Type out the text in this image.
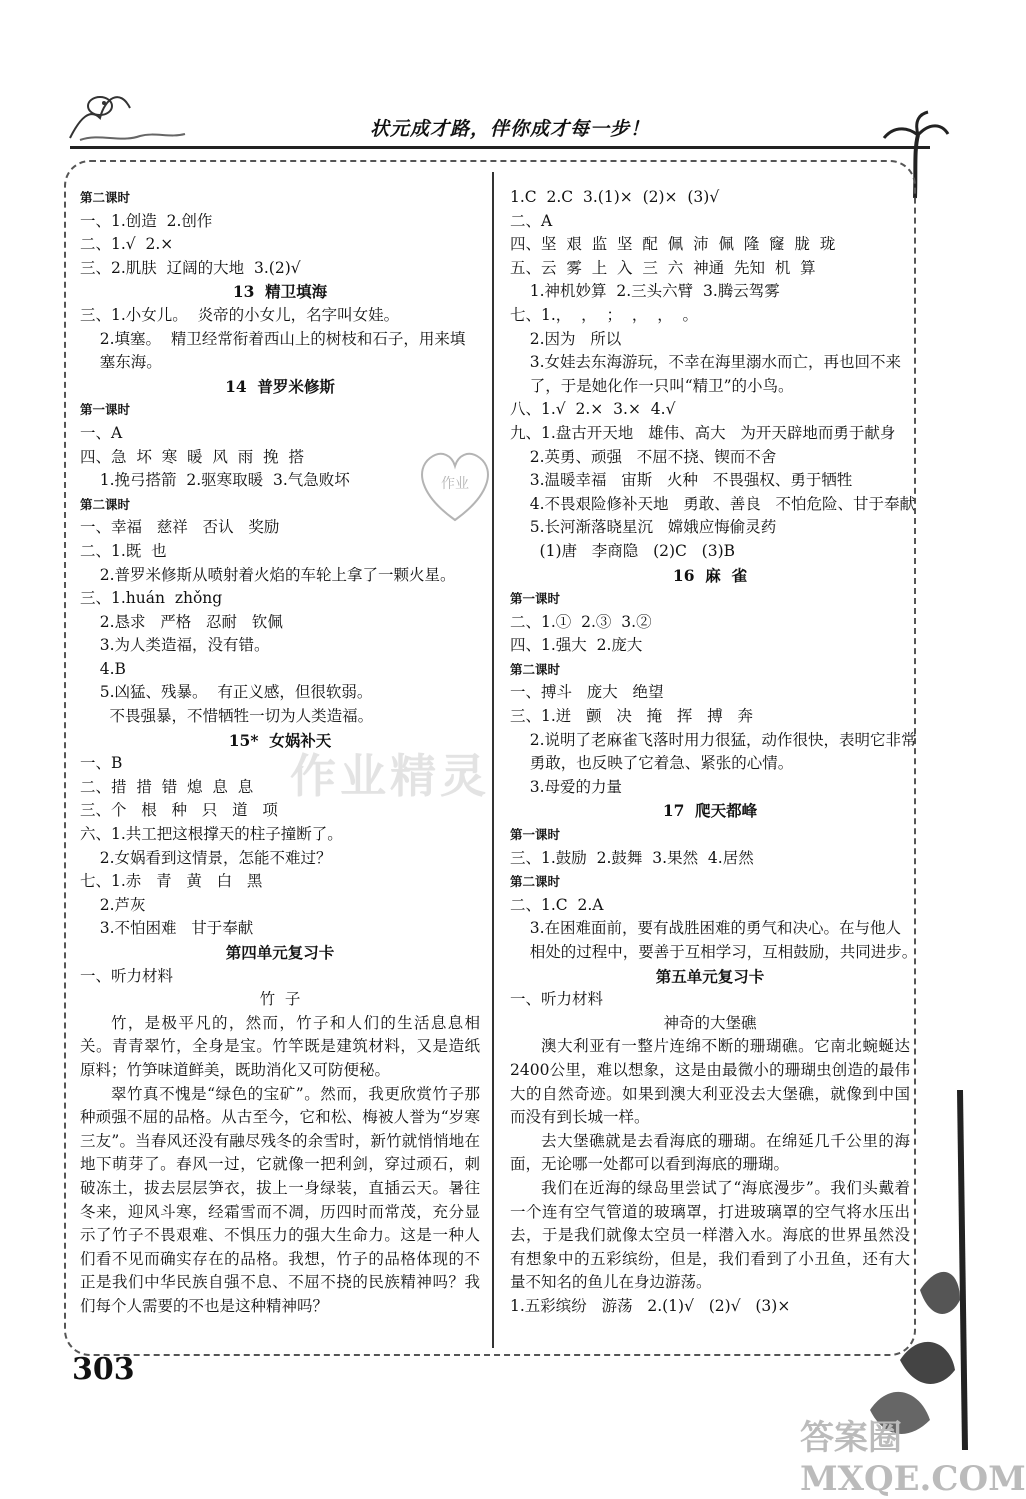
状元成才路，伴你成才每一步！
第二课时
一、1.创造  2.创作
二、1.√  2.×
三、2.肌肤  辽阔的大地  3.(2)√
13  精卫填海
三、1.小女儿。  炎帝的小女儿，名字叫女娃。
2.填塞。  精卫经常衔着西山上的树枝和石子，用来填
塞东海。
14  普罗米修斯
第一课时
一、A
四、急  坏  寒  暖  风  雨  挽  搭
1.挽弓搭箭  2.驱寒取暖  3.气急败坏
第二课时
一、幸福   慈祥   否认   奖励
二、1.既  也
2.普罗米修斯从喷射着火焰的车轮上拿了一颗火星。
三、1.huán  zhǒng
2.恳求   严格   忍耐   钦佩
3.为人类造福，没有错。
4.B
5.凶猛、残暴。  有正义感，但很软弱。
不畏强暴，不惜牺牲一切为人类造福。
15*  女娲补天
一、B
二、措  措  错  熄  息  息
三、个   根   种   只   道   项
六、1.共工把这根撑天的柱子撞断了。
2.女娲看到这情景，怎能不难过？
七、1.赤   青   黄   白   黑
2.芦灰
3.不怕困难   甘于奉献
第四单元复习卡
一、听力材料
竹  子
竹，是极平凡的，然而，竹子和人们的生活息息相关。青青翠竹，全身是宝。竹竿既是建筑材料，又是造纸原料；竹笋味道鲜美，既助消化又可防便秘。
翠竹真不愧是“绿色的宝矿”。然而，我更欣赏竹子那种顽强不屈的品格。从古至今，它和松、梅被人誉为“岁寒三友”。当春风还没有融尽残冬的余雪时，新竹就悄悄地在地下萌芽了。春风一过，它就像一把利剑，穿过顽石，刺破冻土，拔去层层笋衣，拔上一身绿装，直插云天。暑往冬来，迎风斗寒，经霜雪而不凋，历四时而常茂，充分显示了竹子不畏艰难、不惧压力的强大生命力。这是一种人们看不见而确实存在的品格。我想，竹子的品格体现的不正是我们中华民族自强不息、不屈不挠的民族精神吗？我们每个人需要的不也是这种精神吗？
1.C  2.C  3.(1)×  (2)×  (3)√
二、A
四、坚  艰  监  坚  配  佩  沛  佩  隆  窿  胧  珑
五、云  雾  上  入  三  六  神通  先知  机  算
1.神机妙算  2.三头六臂  3.腾云驾雾
七、1.，  ，  ；  ，  ，  。
2.因为   所以
3.女娃去东海游玩，不幸在海里溺水而亡，再也回不来
了，于是她化作一只叫“精卫”的小鸟。
八、1.√  2.×  3.×  4.√
九、1.盘古开天地   雄伟、高大   为开天辟地而勇于献身
2.英勇、顽强   不屈不挠、锲而不舍
3.温暖幸福   宙斯   火种   不畏强权、勇于牺牲
4.不畏艰险修补天地   勇敢、善良   不怕危险、甘于奉献
5.长河渐落晓星沉   嫦娥应悔偷灵药
(1)唐   李商隐   (2)C   (3)B
16  麻  雀
第一课时
二、1.①  2.③  3.②
四、1.强大  2.庞大
第二课时
一、搏斗   庞大   绝望
三、1.迸   颤   决   掩   挥   搏   奔
2.说明了老麻雀飞落时用力很猛，动作很快，表明它非常
勇敢，也反映了它着急、紧张的心情。
3.母爱的力量
17  爬天都峰
第一课时
三、1.鼓励  2.鼓舞  3.果然  4.居然
第二课时
二、1.C  2.A
3.在困难面前，要有战胜困难的勇气和决心。在与他人
相处的过程中，要善于互相学习，互相鼓励，共同进步。
第五单元复习卡
一、听力材料
神奇的大堡礁
澳大利亚有一整片连绵不断的珊瑚礁。它南北蜿蜒达2400公里，难以想象，这是由最微小的珊瑚虫创造的最伟大的自然奇迹。如果到澳大利亚没去大堡礁，就像到中国而没有到长城一样。
去大堡礁就是去看海底的珊瑚。在绵延几千公里的海面，无论哪一处都可以看到海底的珊瑚。
我们在近海的绿岛里尝试了“海底漫步”。我们头戴着一个连有空气管道的玻璃罩，打进玻璃罩的空气将水压出去，于是我们就像太空员一样潜入水。海底的世界虽然没有想象中的五彩缤纷，但是，我们看到了小丑鱼，还有大量不知名的鱼儿在身边游荡。
1.五彩缤纷   游荡   2.(1)√   (2)√   (3)×
作业
作业精灵
303
答案圈 MXQE.COM
